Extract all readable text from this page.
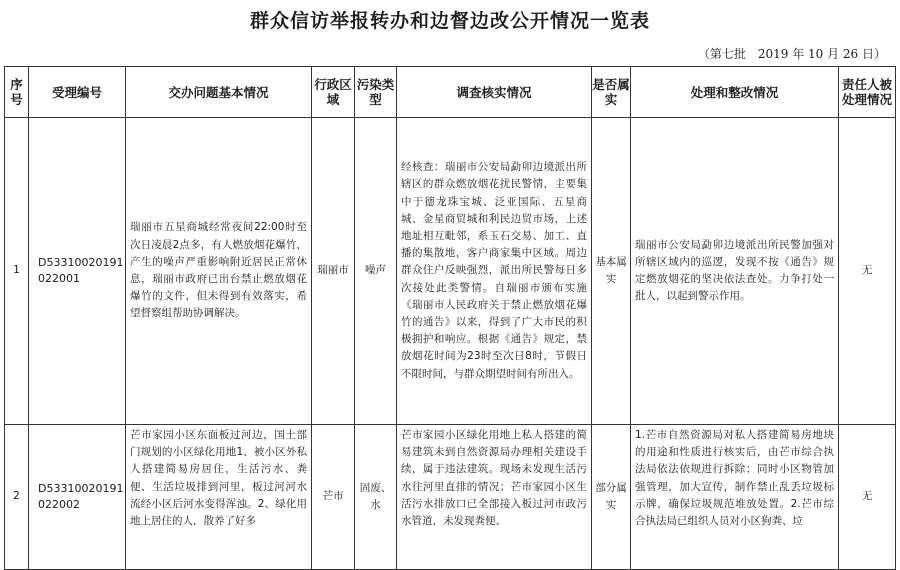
群众信访举报转办和边督边改公开情况一览表
（第七批　2019 年 10 月 26 日）
序号	受理编号	交办问题基本情况	行政区域	污染类型	调查核实情况	是否属实	处理和整改情况	责任人被处理情况
1	D53310020191022001	瑞丽市五星商城经常夜间22:00时至次日凌晨2点多，有人燃放烟花爆竹，产生的噪声严重影响附近居民正常休息，瑞丽市政府已出台禁止燃放烟花爆竹的文件，但未得到有效落实，希望督察组帮助协调解决。	瑞丽市	噪声	经核查：瑞丽市公安局勐卯边境派出所辖区的群众燃放烟花扰民警情，主要集中于德龙珠宝城、泛亚国际、五星商城、金星商贸城和利民边贸市场，上述地址相互毗邻，系玉石交易、加工、直播的集散地，客户商家集中区域。周边群众住户反映强烈，派出所民警每日多次接处此类警情。自瑞丽市颁布实施《瑞丽市人民政府关于禁止燃放烟花爆竹的通告》以来，得到了广大市民的积极拥护和响应。根据《通告》规定，禁放烟花时间为23时至次日8时，节假日不限时间，与群众期望时间有所出入。	基本属实	瑞丽市公安局勐卯边境派出所民警加强对所辖区域内的巡逻，发现不按《通告》规定燃放烟花的坚决依法查处。力争打处一批人，以起到警示作用。	无
2	D53310020191022002	芒市家园小区东面板过河边，国土部门规划的小区绿化用地1、被小区外私人搭建简易房居住，生活污水、粪便、生活垃圾排到河里，板过河河水流经小区后河水变得浑浊。2、绿化用地上居住的人，散养了好多	芒市	固废、水	芒市家园小区绿化用地上私人搭建的简易建筑未到自然资源局办理相关建设手续，属于违法建筑。现场未发现生活污水往河里直排的情况；芒市家园小区生活污水排放口已全部接入板过河市政污水管道，未发现粪便、	部分属实	1.芒市自然资源局对私人搭建简易房地块的用途和性质进行核实后，由芒市综合执法局依法依规进行拆除；同时小区物管加强管理，加大宣传，制作禁止乱丢垃圾标示牌，确保垃圾规范堆放处置。2.芒市综合执法局已组织人员对小区狗粪、垃	无
